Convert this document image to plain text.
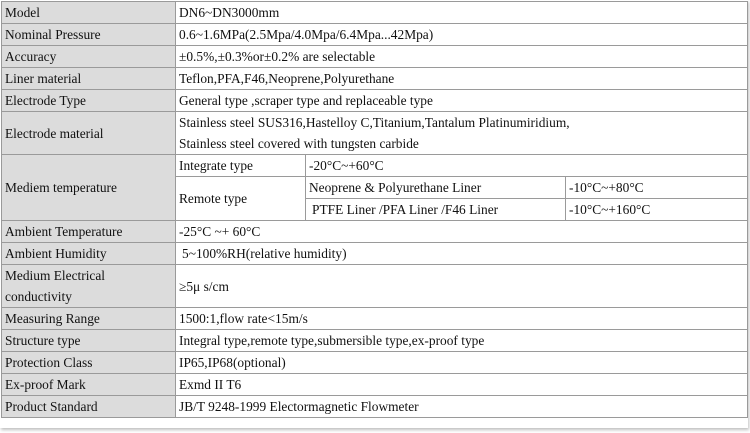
Model	DN6~DN3000mm		
Nominal Pressure	0.6~1.6MPa(2.5Mpa/4.0Mpa/6.4Mpa...42Mpa)		
Accuracy	±0.5%,±0.3%or±0.2% are selectable		
Liner material	Teflon,PFA,F46,Neoprene,Polyurethane		
Electrode Type	General type ,scraper type and replaceable type		
Electrode material	Stainless steel SUS316,Hastelloy C,Titanium,Tantalum Platinumiridium,
Stainless steel covered with tungsten carbide		

Mediem temperature	Integrate type	-20°C~+60°C	
	Remote type	Neoprene & Polyurethane Liner	-10°C~+80°C
		PTFE Liner /PFA Liner /F46 Liner	-10°C~+160°C
Ambient Temperature	-25°C ~+ 60°C		
Ambient Humidity	5~100%RH(relative humidity)		

Medium Electrical
conductivity	≥5μ s/cm		
Measuring Range	1500:1,flow rate<15m/s		
Structure type	Integral type,remote type,submersible type,ex-proof type		
Protection Class	IP65,IP68(optional)		
Ex-proof Mark	Exmd II T6		
Product Standard	JB/T 9248-1999 Electormagnetic Flowmeter		
